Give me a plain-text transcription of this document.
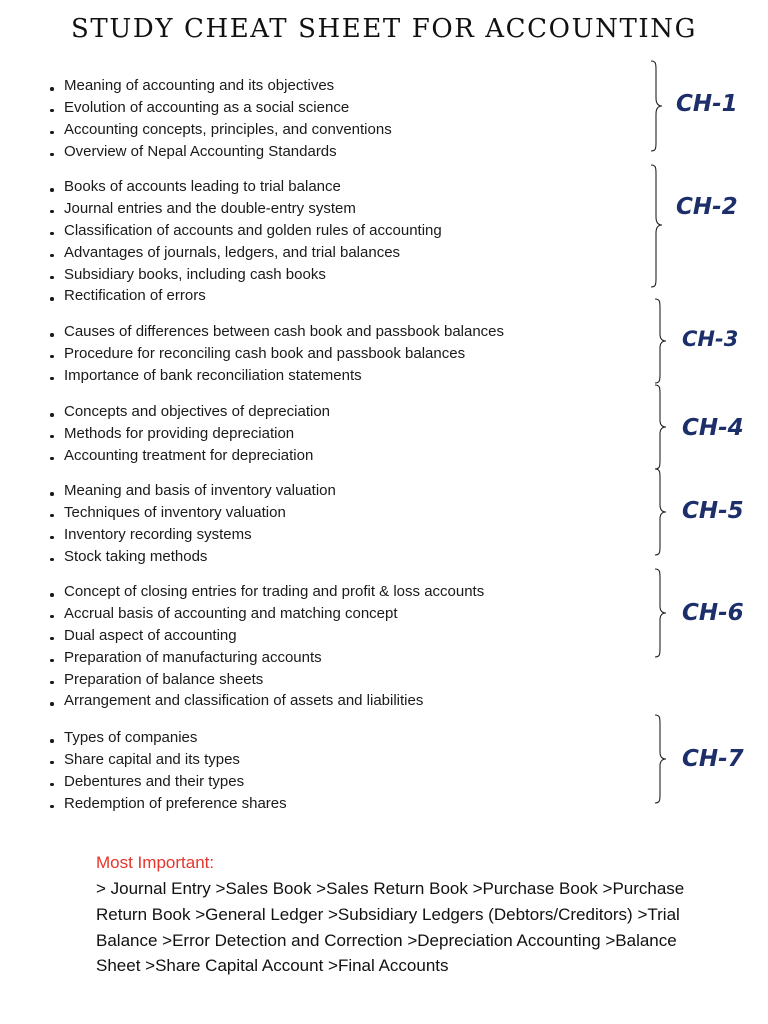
STUDY CHEAT SHEET FOR ACCOUNTING
Meaning of accounting and its objectives
Evolution of accounting as a social science
Accounting concepts, principles, and conventions
Overview of Nepal Accounting Standards
CH-1
Books of accounts leading to trial balance
Journal entries and the double-entry system
Classification of accounts and golden rules of accounting
Advantages of journals, ledgers, and trial balances
Subsidiary books, including cash books
Rectification of errors
CH-2
Causes of differences between cash book and passbook balances
Procedure for reconciling cash book and passbook balances
Importance of bank reconciliation statements
CH-3
Concepts and objectives of depreciation
Methods for providing depreciation
Accounting treatment for depreciation
CH-4
Meaning and basis of inventory valuation
Techniques of inventory valuation
Inventory recording systems
Stock taking methods
CH-5
Concept of closing entries for trading and profit & loss accounts
Accrual basis of accounting and matching concept
Dual aspect of accounting
Preparation of manufacturing accounts
Preparation of balance sheets
Arrangement and classification of assets and liabilities
CH-6
Types of companies
Share capital and its types
Debentures and their types
Redemption of preference shares
CH-7
Most Important:
> Journal Entry >Sales Book >Sales Return Book >Purchase Book >Purchase Return Book >General Ledger >Subsidiary Ledgers (Debtors/Creditors) >Trial Balance >Error Detection and Correction >Depreciation Accounting >Balance Sheet >Share Capital Account >Final Accounts
